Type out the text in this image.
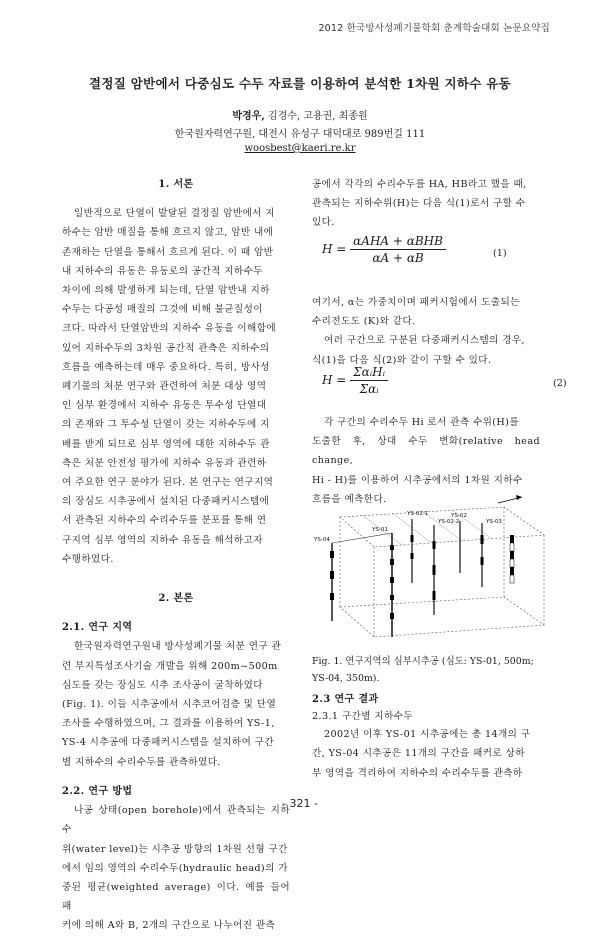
2012 한국방사성폐기물학회 춘계학술대회 논문요약집
결정질 암반에서 다중심도 수두 자료를 이용하여 분석한 1차원 지하수 유동
박경우, 김경수, 고용권, 최종원
한국원자력연구원, 대전시 유성구 대덕대로 989번길 111
woosbest@kaeri.re.kr
1. 서론

일반적으로 단열이 발달된 결정질 암반에서 지

하수는 암반 매질을 통해 흐르지 않고, 암반 내에

존재하는 단열을 통해서 흐르게 된다. 이 때 암반

내 지하수의 유동은 유동로의 공간적 지하수두

차이에 의해 발생하게 되는데, 단열 암반내 지하

수두는 다공성 매질의 그것에 비해 불균질성이

크다. 따라서 단열암반의 지하수 유동을 이해함에

있어 지하수두의 3차원 공간적 관측은 지하수의

흐름을 예측하는데 매우 중요하다. 특히, 방사성

폐기물의 처분 연구와 관련하여 처분 대상 영역

인 심부 환경에서 지하수 유동은 투수성 단열대

의 존재와 그 투수성 단열이 갖는 지하수두에 지

배를 받게 되므로 심부 영역에 대한 지하수두 관

측은 처분 안전성 평가에 지하수 유동과 관련하

여 주요한 연구 분야가 된다. 본 연구는 연구지역

의 장심도 시추공에서 설치된 다중패커시스템에

서 관측된 지하수의 수리수두를 분포를 통해 연

구지역 심부 영역의 지하수 유동을 해석하고자

수행하였다.

2. 본론
2.1. 연구 지역

한국원자력연구원내 방사성폐기물 처분 연구 관

련 부지특성조사기술 개발을 위해 200m~500m

심도를 갖는 장심도 시추 조사공이 굴착하였다

(Fig. 1). 이들 시추공에서 시추코어검층 및 단열

조사를 수행하였으며, 그 결과를 이용하여 YS-1,

YS-4 시추공에 다중패커시스템을 설치하여 구간

별 지하수의 수리수두를 관측하였다.

2.2. 연구 방법

나공 상태(open borehole)에서 관측되는 지하수

위(water level)는 시추공 방향의 1차원 선형 구간

에서 임의 영역의 수리수두(hydraulic head)의 가

중된 평균(weighted average) 이다. 예를 들어 패

커에 의해 A와 B, 2개의 구간으로 나누어진 관측

공에서 각각의 수리수두를 HA, HB라고 했을 때,

관측되는 지하수위(H)는 다음 식(1)로서 구할 수

있다.

$H = \frac{\text{αAHA + αBHB}}{\alpha A + \alpha B}$	(1)

여기서, α는 가중치이며 패커시험에서 도출되는

수리전도도 (K)와 같다.

여러 구간으로 구분된 다중패커시스템의 경우,

식(1)을 다음 식(2)와 같이 구할 수 있다.

$H = \frac{\text{ΣαᵢHᵢ}}{\text{Σαᵢ}}$	(2)

각 구간의 수리수두 Hi 로서 관측 수위(H)를

도출한 후, 상대 수두 변화(relative head change,

Hi - H)를 이용하여 시추공에서의 1차원 지하수

흐름을 예측한다.

YS-02-1
YS-01
YS-02-2	YS-03
YS-02
YS-04
Fig. 1. 연구지역의 심부시추공 (심도: YS-01, 500m;
YS-04, 350m).
2.3 연구 결과
2.3.1 구간별 지하수두

2002년 이후 YS-01 시추공에는 총 14개의 구

간, YS-04 시추공은 11개의 구간을 패커로 상하

부 영역을 격리하여 지하수의 수리수두를 관측하

- 321 -
